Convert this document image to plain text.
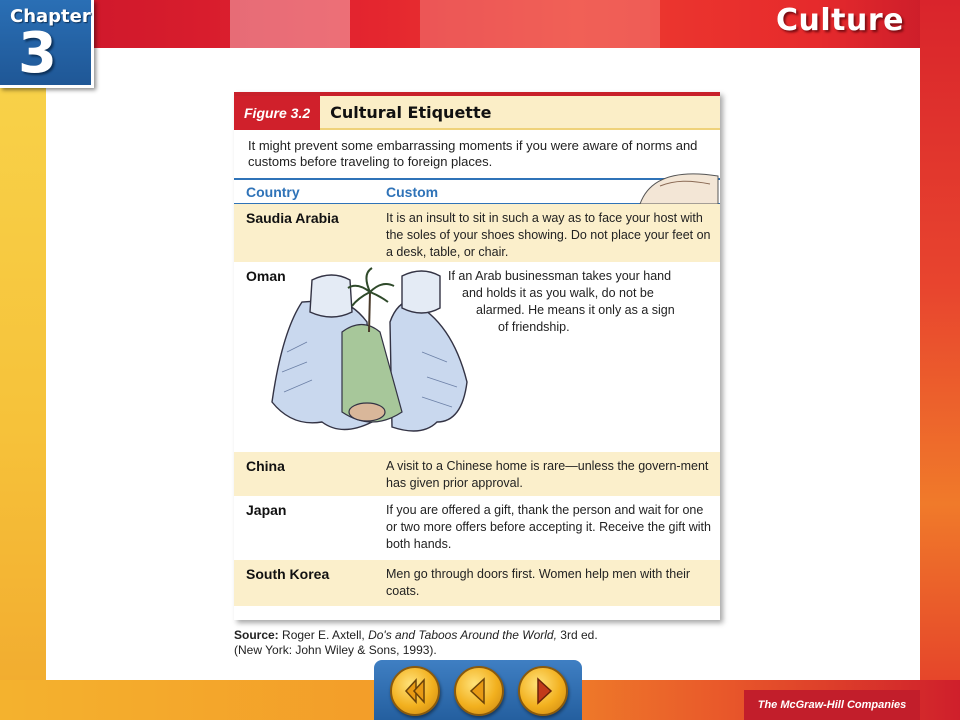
Chapter
3
Culture
Figure 3.2	Cultural Etiquette
It might prevent some embarrassing moments if you were aware of norms and customs before traveling to foreign places.
Country	Custom
Saudia Arabia	It is an insult to sit in such a way as to face your host with the soles of your shoes showing. Do not place your feet on a desk, table, or chair.
Oman	If an Arab businessman takes your hand
and holds it as you walk, do not be
alarmed. He means it only as a sign
of friendship.
China	A visit to a Chinese home is rare—unless the govern-ment has given prior approval.
Japan	If you are offered a gift, thank the person and wait for one or two more offers before accepting it. Receive the gift with both hands.
South Korea	Men go through doors first. Women help men with their coats.
Source: Roger E. Axtell, Do's and Taboos Around the World, 3rd ed.
(New York: John Wiley & Sons, 1993).
The McGraw-Hill Companies
